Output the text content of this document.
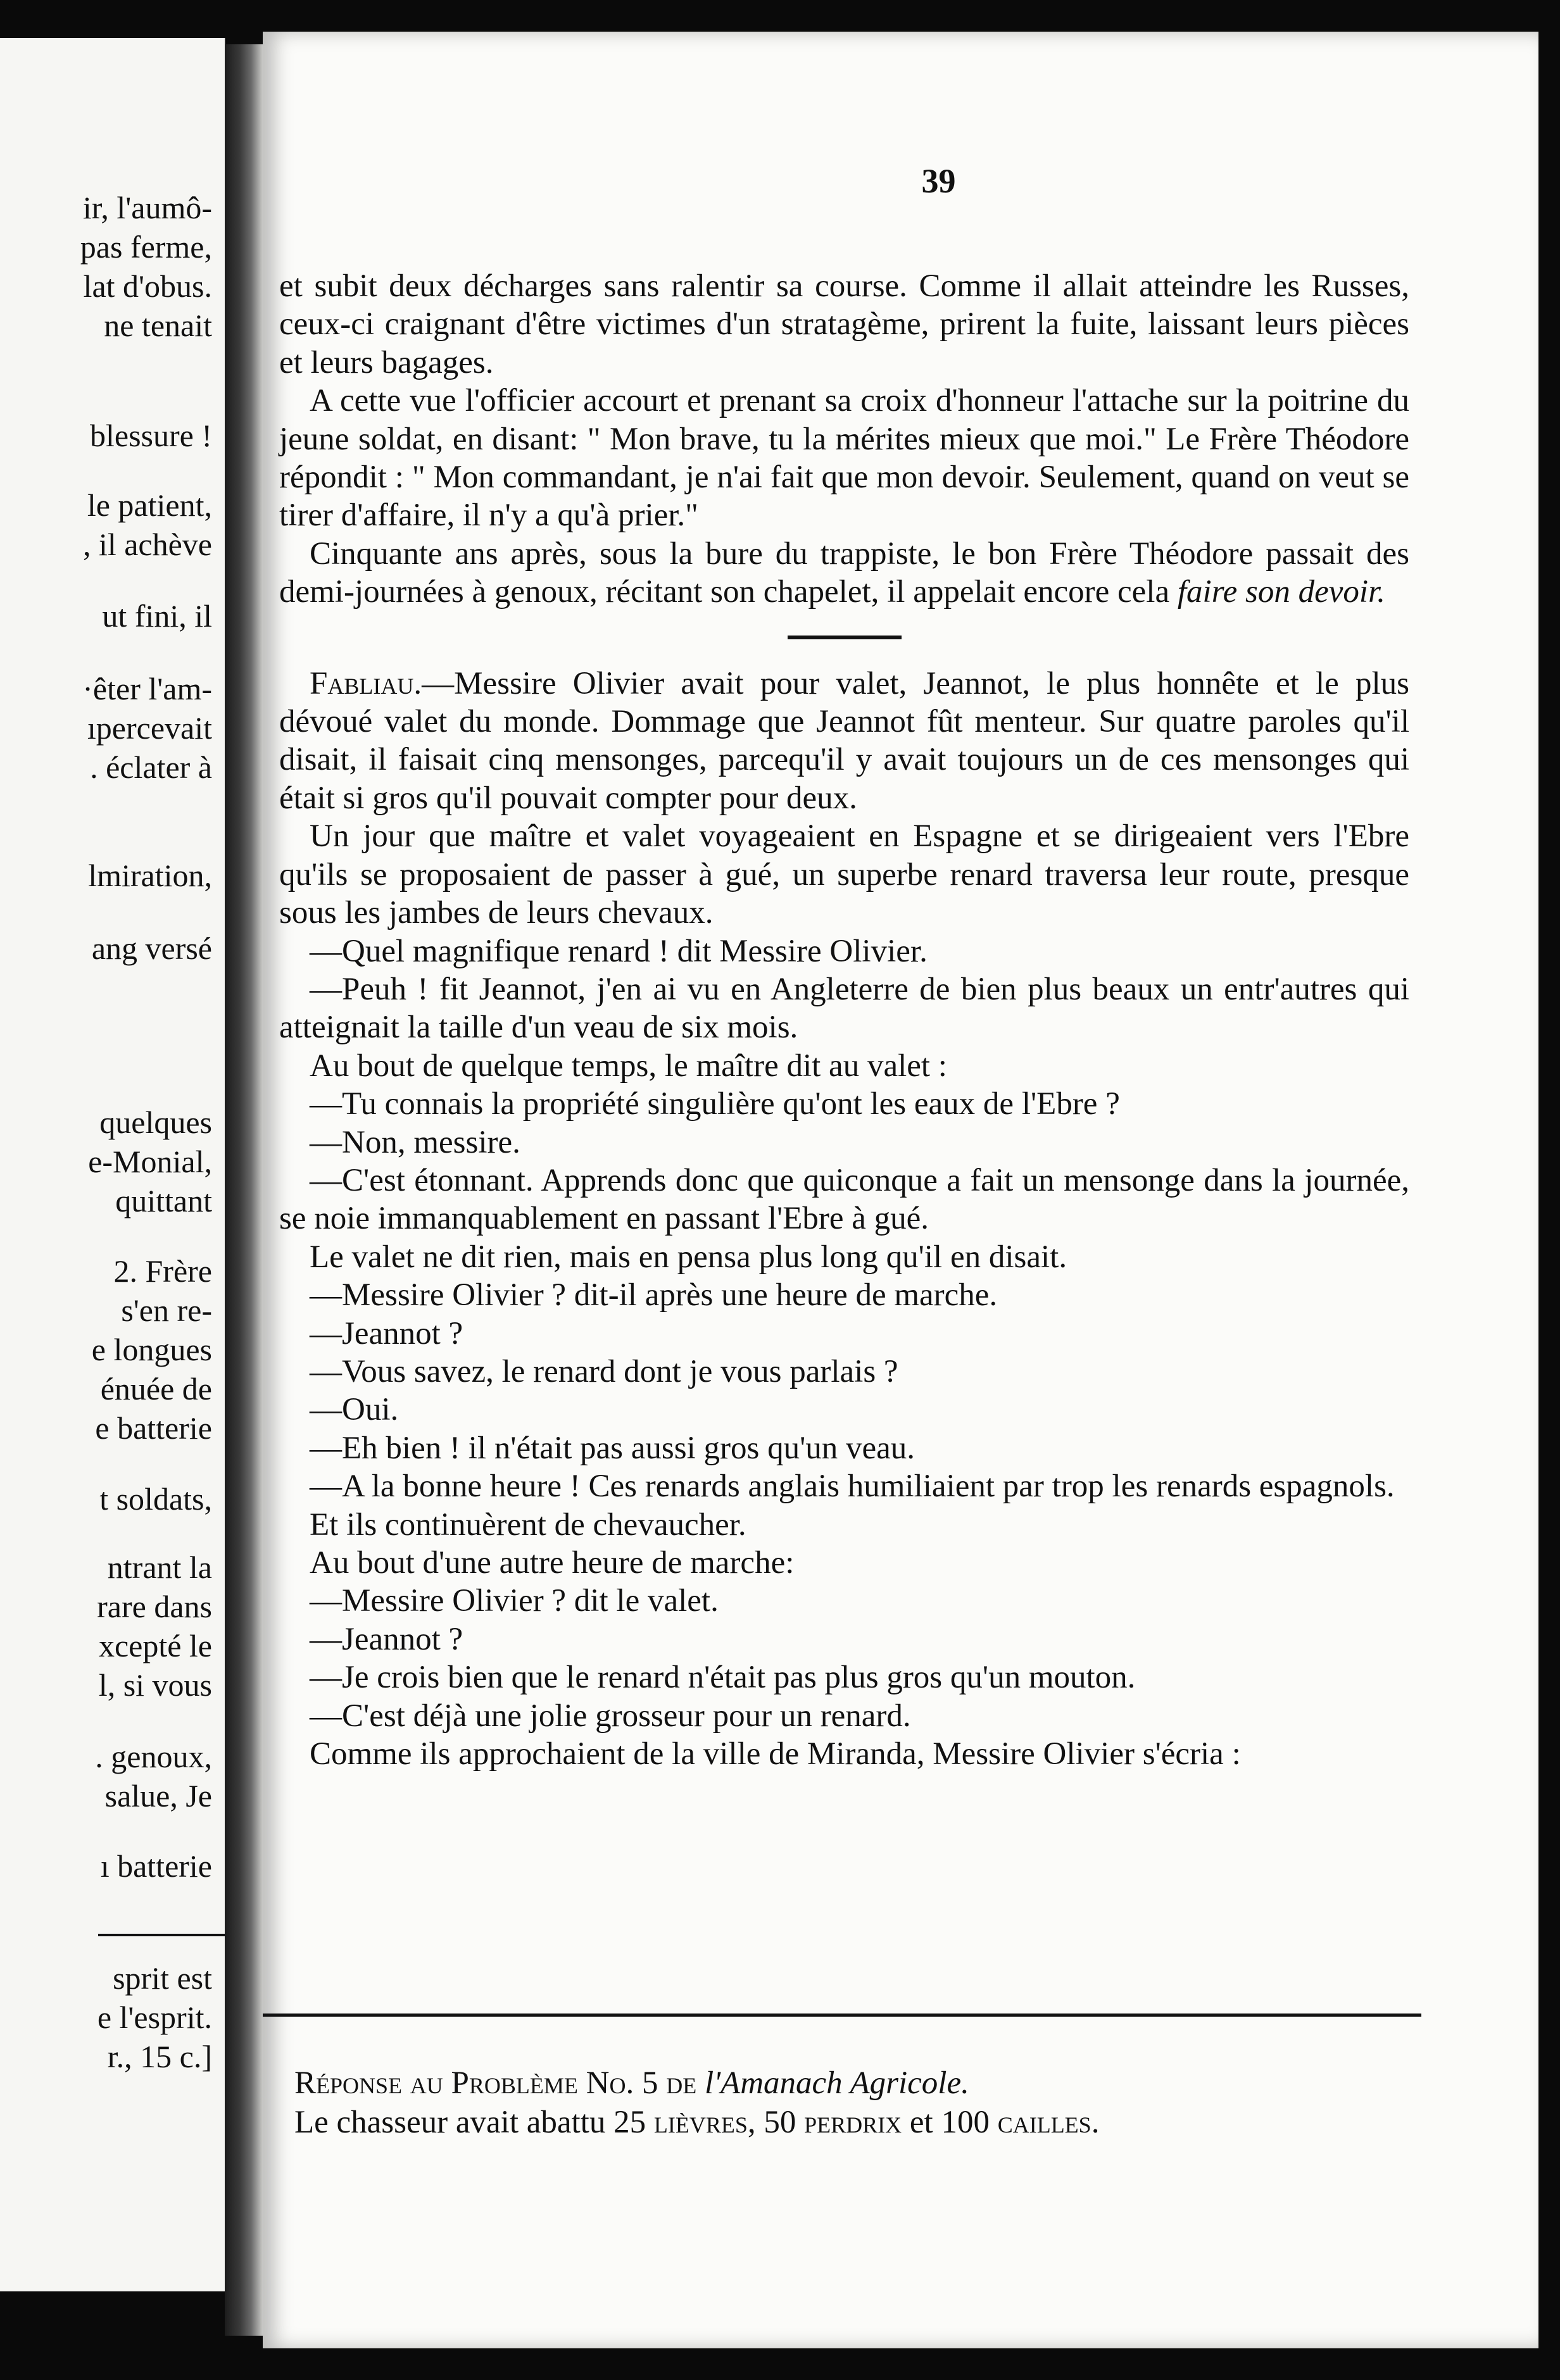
ir, l'aumô-
pas ferme,
lat d'obus.
ne tenait
blessure !
le patient,
, il achève
ut fini, il
·êter l'am-
ıpercevait
. éclater à
lmiration,
ang versé
quelques
e-Monial,
quittant
2. Frère
s'en re-
e longues
énuée de
e batterie
t soldats,
ntrant la
rare dans
xcepté le
l, si vous
. genoux,
salue, Je
ı batterie
sprit est
e l'esprit.
r., 15 c.]
39

et subit deux décharges sans ralentir sa course. Comme il allait atteindre les Russes, ceux-ci craignant d'être victimes d'un stratagème, prirent la fuite, laissant leurs pièces et leurs bagages.

A cette vue l'officier accourt et prenant sa croix d'honneur l'attache sur la poitrine du jeune soldat, en disant: " Mon brave, tu la mérites mieux que moi." Le Frère Théodore répondit : " Mon commandant, je n'ai fait que mon devoir. Seulement, quand on veut se tirer d'affaire, il n'y a qu'à prier."

Cinquante ans après, sous la bure du trappiste, le bon Frère Théodore passait des demi-journées à genoux, récitant son chapelet, il appelait encore cela faire son devoir.

Fabliau.—Messire Olivier avait pour valet, Jeannot, le plus honnête et le plus dévoué valet du monde. Dommage que Jeannot fût menteur. Sur quatre paroles qu'il disait, il faisait cinq mensonges, parcequ'il y avait toujours un de ces mensonges qui était si gros qu'il pouvait compter pour deux.

Un jour que maître et valet voyageaient en Espagne et se dirigeaient vers l'Ebre qu'ils se proposaient de passer à gué, un superbe renard traversa leur route, presque sous les jambes de leurs chevaux.

—Quel magnifique renard ! dit Messire Olivier.

—Peuh ! fit Jeannot, j'en ai vu en Angleterre de bien plus beaux un entr'autres qui atteignait la taille d'un veau de six mois.

Au bout de quelque temps, le maître dit au valet :

—Tu connais la propriété singulière qu'ont les eaux de l'Ebre ?

—Non, messire.

—C'est étonnant. Apprends donc que quiconque a fait un mensonge dans la journée, se noie immanquablement en passant l'Ebre à gué.

Le valet ne dit rien, mais en pensa plus long qu'il en disait.

—Messire Olivier ? dit-il après une heure de marche.

—Jeannot ?

—Vous savez, le renard dont je vous parlais ?

—Oui.

—Eh bien ! il n'était pas aussi gros qu'un veau.

—A la bonne heure ! Ces renards anglais humiliaient par trop les renards espagnols.

Et ils continuèrent de chevaucher.

Au bout d'une autre heure de marche:

—Messire Olivier ? dit le valet.

—Jeannot ?

—Je crois bien que le renard n'était pas plus gros qu'un mouton.

—C'est déjà une jolie grosseur pour un renard.

Comme ils approchaient de la ville de Miranda, Messire Olivier s'écria :

Réponse au Problème No. 5 de l'Amanach Agricole.

Le chasseur avait abattu 25 lièvres, 50 perdrix et 100 cailles.
